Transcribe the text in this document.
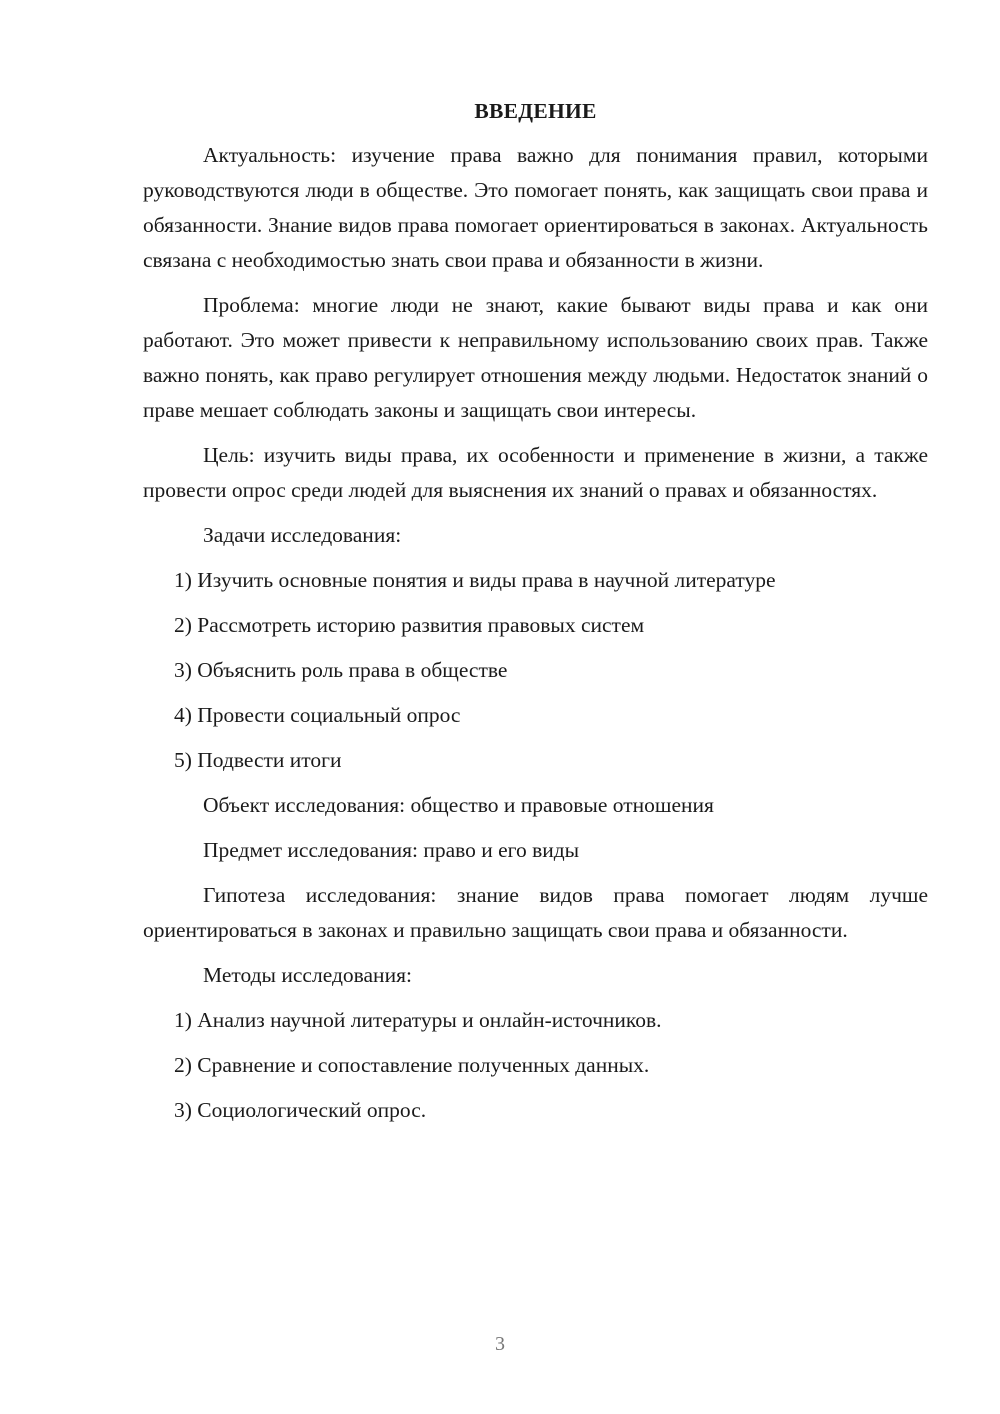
ВВЕДЕНИЕ

Актуальность: изучение права важно для понимания правил, которыми руководствуются люди в обществе. Это помогает понять, как защищать свои права и обязанности. Знание видов права помогает ориентироваться в законах. Актуальность связана с необходимостью знать свои права и обязанности в жизни.

Проблема: многие люди не знают, какие бывают виды права и как они работают. Это может привести к неправильному использованию своих прав. Также важно понять, как право регулирует отношения между людьми. Недостаток знаний о праве мешает соблюдать законы и защищать свои интересы.

Цель: изучить виды права, их особенности и применение в жизни, а также провести опрос среди людей для выяснения их знаний о правах и обязанностях.

Задачи исследования:

1) Изучить основные понятия и виды права в научной литературе

2) Рассмотреть историю развития правовых систем

3) Объяснить роль права в обществе

4) Провести социальный опрос

5) Подвести итоги

Объект исследования: общество и правовые отношения

Предмет исследования: право и его виды

Гипотеза исследования: знание видов права помогает людям лучше ориентироваться в законах и правильно защищать свои права и обязанности.

Методы исследования:

1) Анализ научной литературы и онлайн-источников.

2) Сравнение и сопоставление полученных данных.

3) Социологический опрос.

3
